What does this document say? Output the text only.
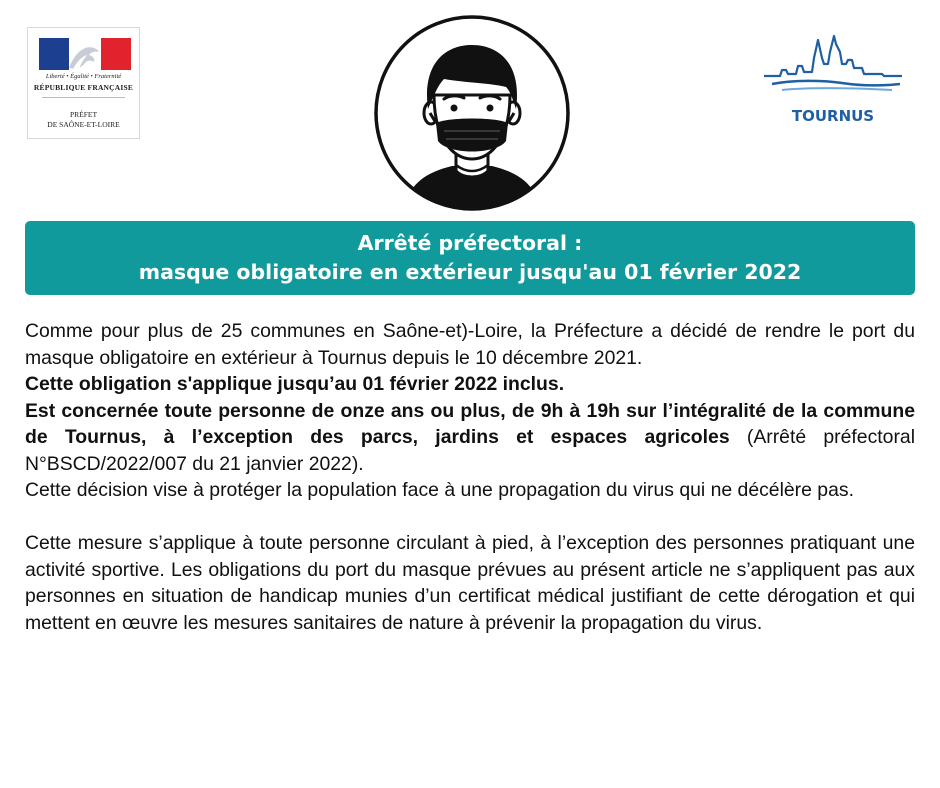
Liberté • Égalité • Fraternité
RÉPUBLIQUE FRANÇAISE
PRÉFET
DE SAÔNE-ET-LOIRE	TOURNUS
Arrêté préfectoral :
masque obligatoire en extérieur jusqu'au 01 février 2022

Comme pour plus de 25 communes en Saône-et)-Loire, la Préfecture a décidé de rendre le port du masque obligatoire en extérieur à Tournus depuis le 10 décembre 2021.

Cette obligation s'applique jusqu’au 01 février 2022 inclus.

Est concernée toute personne de onze ans ou plus, de 9h à 19h sur l’intégralité de la commune de Tournus, à l’exception des parcs, jardins et espaces agricoles (Arrêté préfectoral N°BSCD/2022/007 du 21 janvier 2022).

Cette décision vise à protéger la population face à une propagation du virus qui ne décélère pas.

Cette mesure s’applique à toute personne circulant à pied, à l’exception des personnes pratiquant une activité sportive. Les obligations du port du masque prévues au présent article ne s’appliquent pas aux personnes en situation de handicap munies d’un certificat médical justifiant de cette dérogation et qui mettent en œuvre les mesures sanitaires de nature à prévenir la propagation du virus.
